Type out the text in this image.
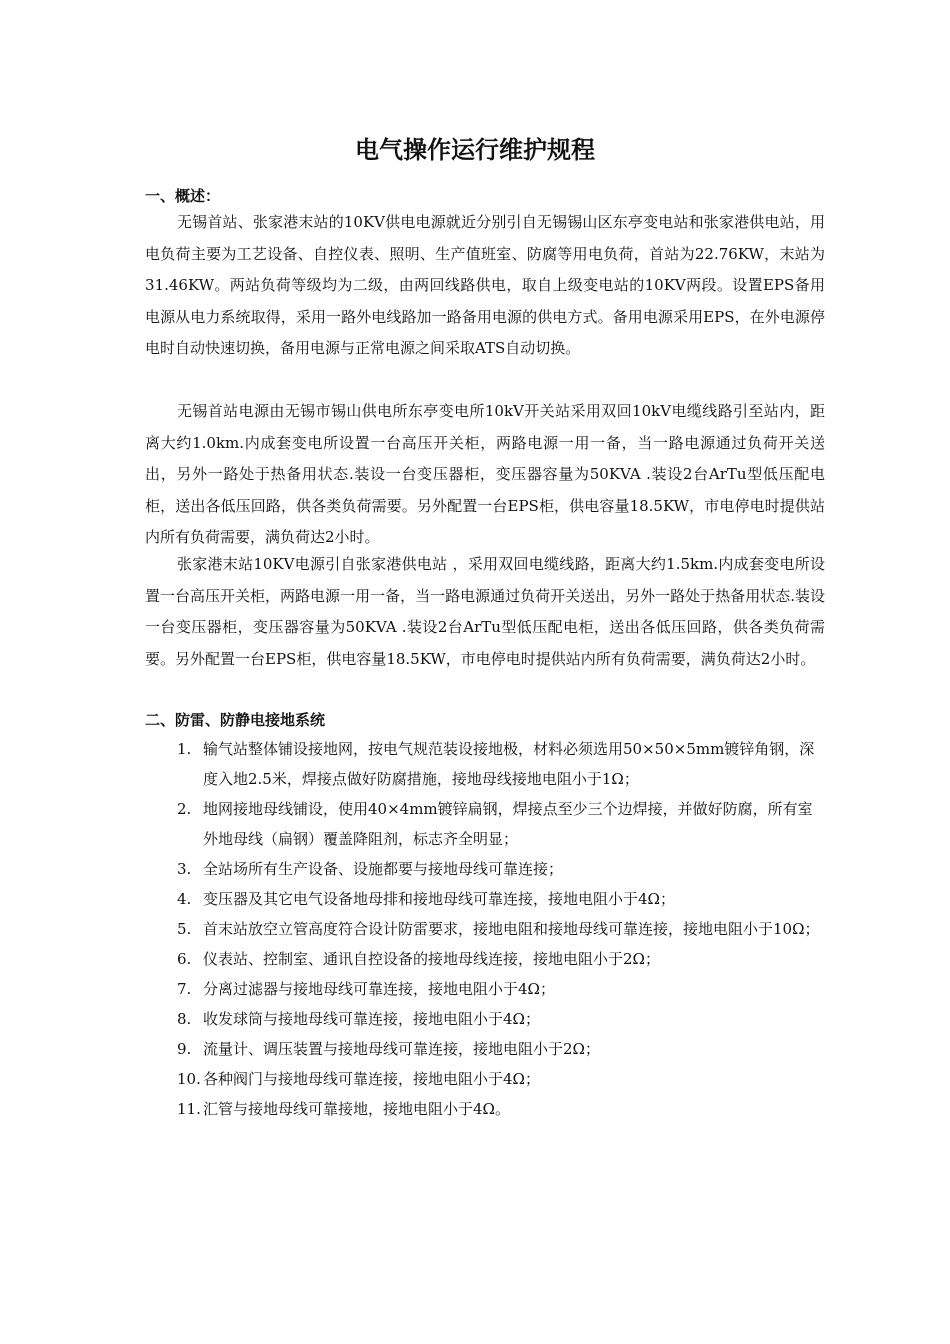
电气操作运行维护规程
一、概述：

无锡首站、张家港末站的10KV供电电源就近分别引自无锡锡山区东亭变电站和张家港供电站，用电负荷主要为工艺设备、自控仪表、照明、生产值班室、防腐等用电负荷，首站为22.76KW，末站为31.46KW。两站负荷等级均为二级，由两回线路供电，取自上级变电站的10KV两段。设置EPS备用电源从电力系统取得，采用一路外电线路加一路备用电源的供电方式。备用电源采用EPS，在外电源停电时自动快速切换，备用电源与正常电源之间采取ATS自动切换。

无锡首站电源由无锡市锡山供电所东亭变电所10kV开关站采用双回10kV电缆线路引至站内，距离大约1.0km.内成套变电所设置一台高压开关柜，两路电源一用一备，当一路电源通过负荷开关送出，另外一路处于热备用状态.装设一台变压器柜，变压器容量为50KVA .装设2台ArTu型低压配电柜，送出各低压回路，供各类负荷需要。另外配置一台EPS柜，供电容量18.5KW，市电停电时提供站内所有负荷需要，满负荷达2小时。

张家港末站10KV电源引自张家港供电站 ，采用双回电缆线路，距离大约1.5km.内成套变电所设置一台高压开关柜，两路电源一用一备，当一路电源通过负荷开关送出，另外一路处于热备用状态.装设一台变压器柜，变压器容量为50KVA .装设2台ArTu型低压配电柜，送出各低压回路，供各类负荷需要。另外配置一台EPS柜，供电容量18.5KW，市电停电时提供站内所有负荷需要，满负荷达2小时。

二、防雷、防静电接地系统
1. 输气站整体铺设接地网，按电气规范装设接地极，材料必须选用50×50×5mm镀锌角钢，深度入地2.5米，焊接点做好防腐措施，接地母线接地电阻小于1Ω；
2. 地网接地母线铺设，使用40×4mm镀锌扁钢，焊接点至少三个边焊接，并做好防腐，所有室外地母线（扁钢）覆盖降阻剂，标志齐全明显；
3. 全站场所有生产设备、设施都要与接地母线可靠连接；
4. 变压器及其它电气设备地母排和接地母线可靠连接，接地电阻小于4Ω；
5. 首末站放空立管高度符合设计防雷要求，接地电阻和接地母线可靠连接，接地电阻小于10Ω；
6. 仪表站、控制室、通讯自控设备的接地母线连接，接地电阻小于2Ω；
7. 分离过滤器与接地母线可靠连接，接地电阻小于4Ω；
8. 收发球筒与接地母线可靠连接，接地电阻小于4Ω；
9. 流量计、调压装置与接地母线可靠连接，接地电阻小于2Ω；
10. 各种阀门与接地母线可靠连接，接地电阻小于4Ω；
11. 汇管与接地母线可靠接地，接地电阻小于4Ω。
